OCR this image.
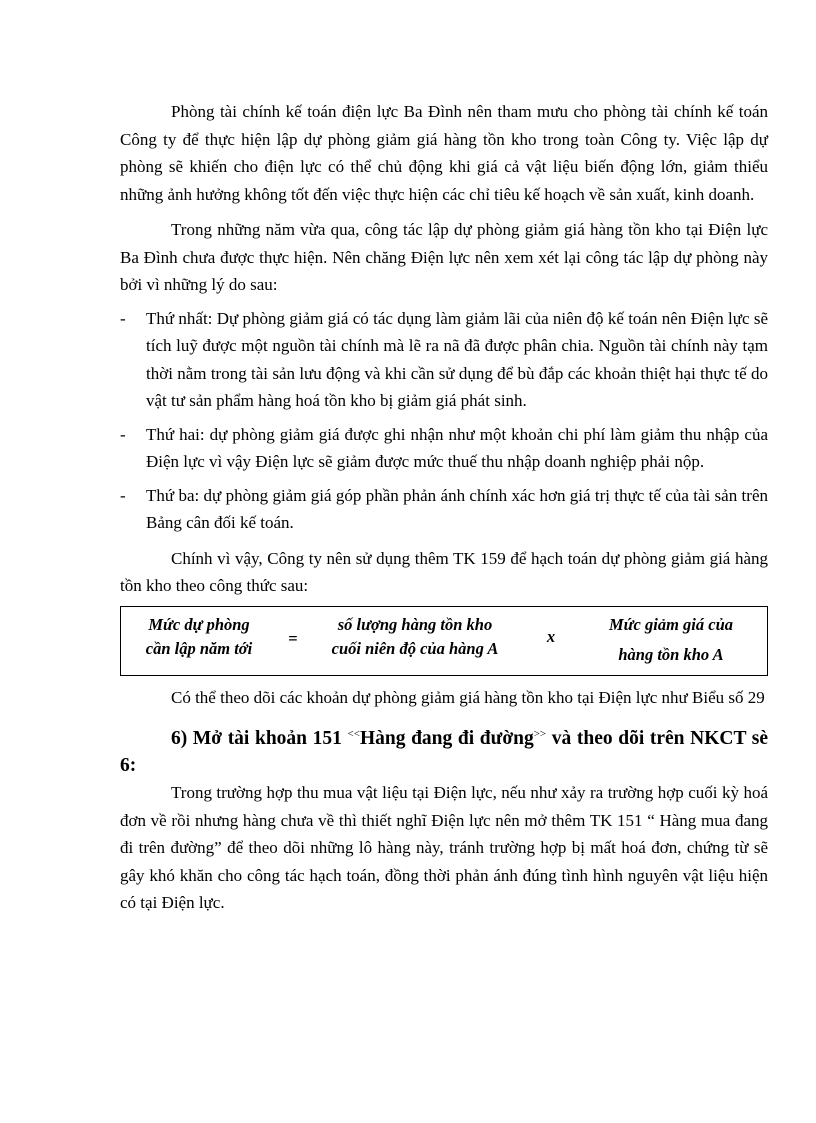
Phòng tài chính kế toán điện lực Ba Đình nên tham mưu cho phòng tài chính kế toán Công ty để thực hiện lập dự phòng giảm giá hàng tồn kho trong toàn Công ty. Việc lập dự phòng sẽ khiến cho điện lực có thể chủ động khi giá cả vật liệu biến động lớn, giảm thiểu những ảnh hưởng không tốt đến việc thực hiện các chỉ tiêu kế hoạch về sản xuất, kinh doanh.

Trong những năm vừa qua, công tác lập dự phòng giảm giá hàng tồn kho tại Điện lực Ba Đình chưa được thực hiện. Nên chăng Điện lực nên xem xét lại công tác lập dự phòng này bởi vì những lý do sau:

- Thứ nhất: Dự phòng giảm giá có tác dụng làm giảm lãi của niên độ kế toán nên Điện lực sẽ tích luỹ được một nguồn tài chính mà lẽ ra nã đã được phân chia. Nguồn tài chính này tạm thời nằm trong tài sản lưu động và khi cần sử dụng để bù đắp các khoản thiệt hại thực tế do vật tư sản phẩm hàng hoá tồn kho bị giảm giá phát sinh.
- Thứ hai: dự phòng giảm giá được ghi nhận như một khoản chi phí làm giảm thu nhập của Điện lực vì vậy Điện lực sẽ giảm được mức thuế thu nhập doanh nghiệp phải nộp.
- Thứ ba: dự phòng giảm giá góp phần phản ánh chính xác hơn giá trị thực tế của tài sản trên Bảng cân đối kế toán.

Chính vì vậy, Công ty nên sử dụng thêm TK 159 để hạch toán dự phòng giảm giá hàng tồn kho theo công thức sau:

Mức dự phòng
cần lập năm tới
=
số lượng hàng tồn kho
cuối niên độ của hàng A
x
Mức giảm giá của
hàng tồn kho A

Có thể theo dõi các khoản dự phòng giảm giá hàng tồn kho tại Điện lực như Biểu số 29

6) Mở tài khoản 151 <<Hàng đang đi đường>> và theo dõi trên NKCT sè 6:

Trong trường hợp thu mua vật liệu tại Điện lực, nếu như xảy ra trường hợp cuối kỳ hoá đơn về rồi nhưng hàng chưa về thì thiết nghĩ Điện lực nên mở thêm TK 151 “ Hàng mua đang đi trên đường” để theo dõi những lô hàng này, tránh trường hợp bị mất hoá đơn, chứng từ sẽ gây khó khăn cho công tác hạch toán, đồng thời phản ánh đúng tình hình nguyên vật liệu hiện có tại Điện lực.
